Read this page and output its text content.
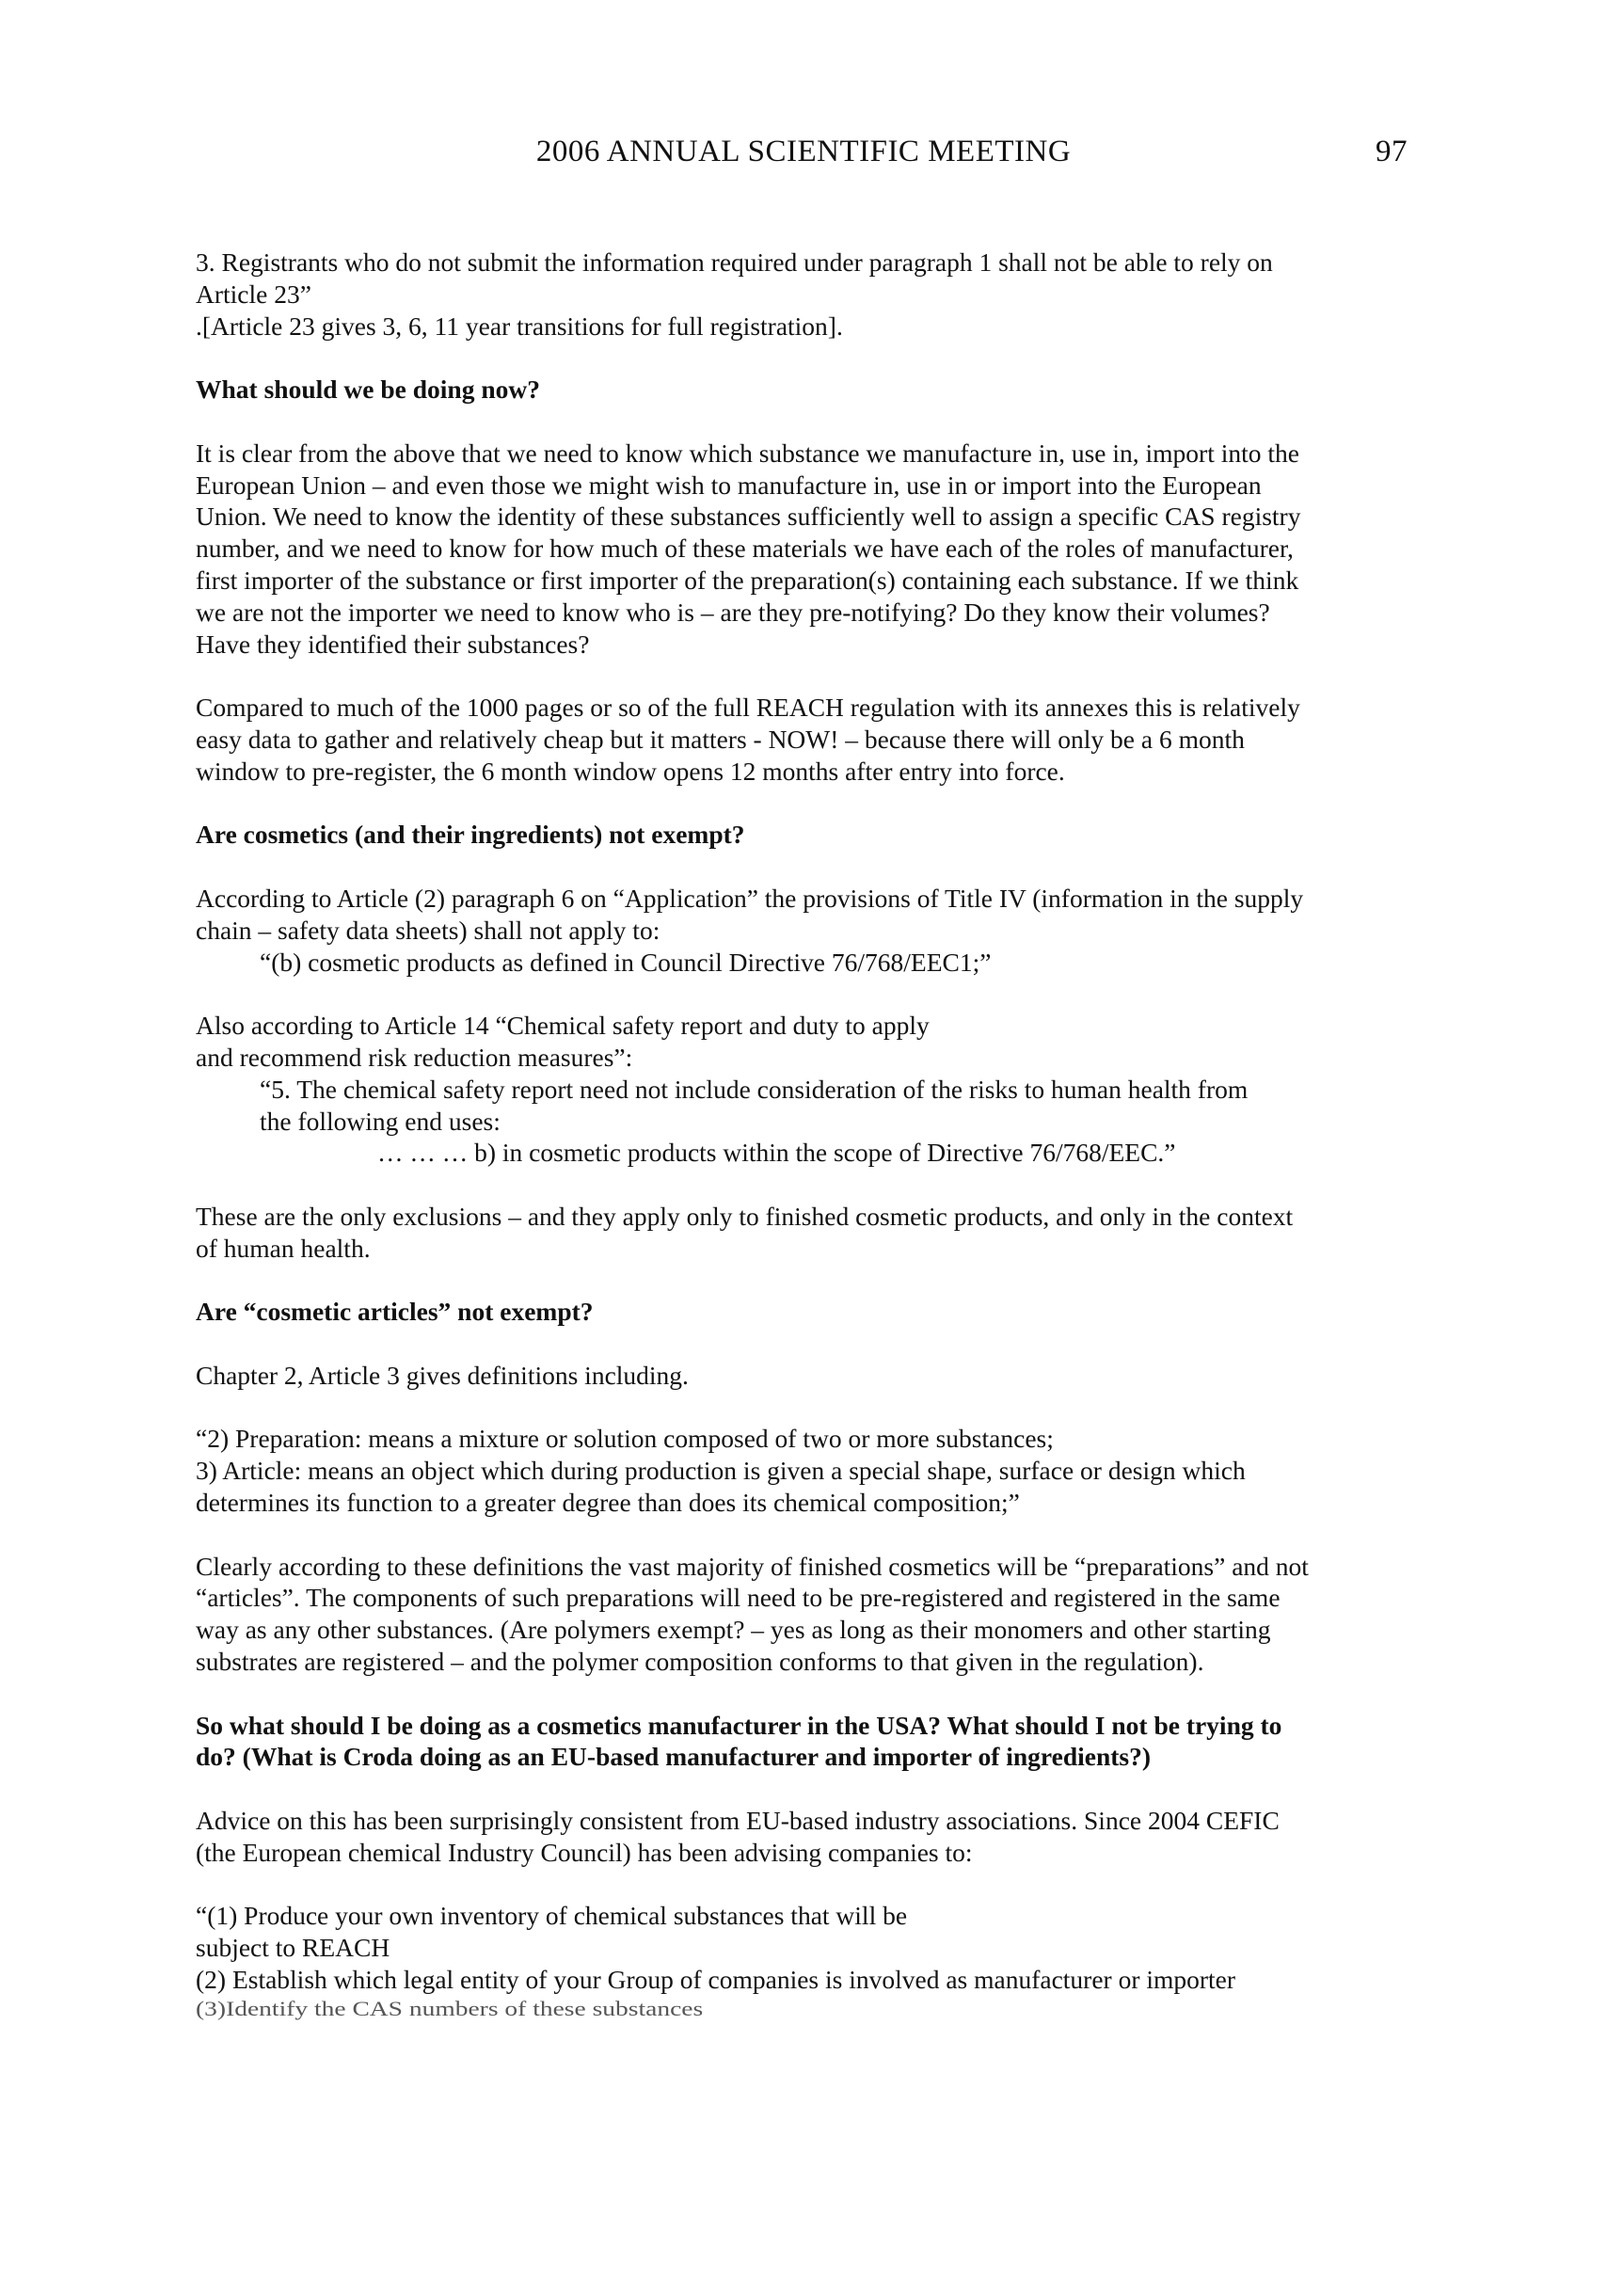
2006 ANNUAL SCIENTIFIC MEETING	97
3. Registrants who do not submit the information required under paragraph 1 shall not be able to rely on
Article 23”
.[Article 23 gives 3, 6, 11 year transitions for full registration].
What should we be doing now?
It is clear from the above that we need to know which substance we manufacture in, use in, import into the
European Union – and even those we might wish to manufacture in, use in or import into the European
Union. We need to know the identity of these substances sufficiently well to assign a specific CAS registry
number, and we need to know for how much of these materials we have each of the roles of manufacturer,
first importer of the substance or first importer of the preparation(s) containing each substance. If we think
we are not the importer we need to know who is – are they pre-notifying? Do they know their volumes?
Have they identified their substances?
Compared to much of the 1000 pages or so of the full REACH regulation with its annexes this is relatively
easy data to gather and relatively cheap but it matters - NOW! – because there will only be a 6 month
window to pre-register, the 6 month window opens 12 months after entry into force.
Are cosmetics (and their ingredients) not exempt?
According to Article (2) paragraph 6 on “Application” the provisions of Title IV (information in the supply
chain – safety data sheets) shall not apply to:
“(b) cosmetic products as defined in Council Directive 76/768/EEC1;”
Also according to Article 14 “Chemical safety report and duty to apply
and recommend risk reduction measures”:
“5. The chemical safety report need not include consideration of the risks to human health from
the following end uses:
… … … b) in cosmetic products within the scope of Directive 76/768/EEC.”
These are the only exclusions – and they apply only to finished cosmetic products, and only in the context
of human health.
Are “cosmetic articles” not exempt?
Chapter 2, Article 3 gives definitions including.
“2) Preparation: means a mixture or solution composed of two or more substances;
3) Article: means an object which during production is given a special shape, surface or design which
determines its function to a greater degree than does its chemical composition;”
Clearly according to these definitions the vast majority of finished cosmetics will be “preparations” and not
“articles”. The components of such preparations will need to be pre-registered and registered in the same
way as any other substances. (Are polymers exempt? – yes as long as their monomers and other starting
substrates are registered – and the polymer composition conforms to that given in the regulation).
So what should I be doing as a cosmetics manufacturer in the USA? What should I not be trying to
do? (What is Croda doing as an EU-based manufacturer and importer of ingredients?)
Advice on this has been surprisingly consistent from EU-based industry associations. Since 2004 CEFIC
(the European chemical Industry Council) has been advising companies to:
“(1) Produce your own inventory of chemical substances that will be
subject to REACH
(2) Establish which legal entity of your Group of companies is involved as manufacturer or importer
(3)Identify the CAS numbers of these substances
